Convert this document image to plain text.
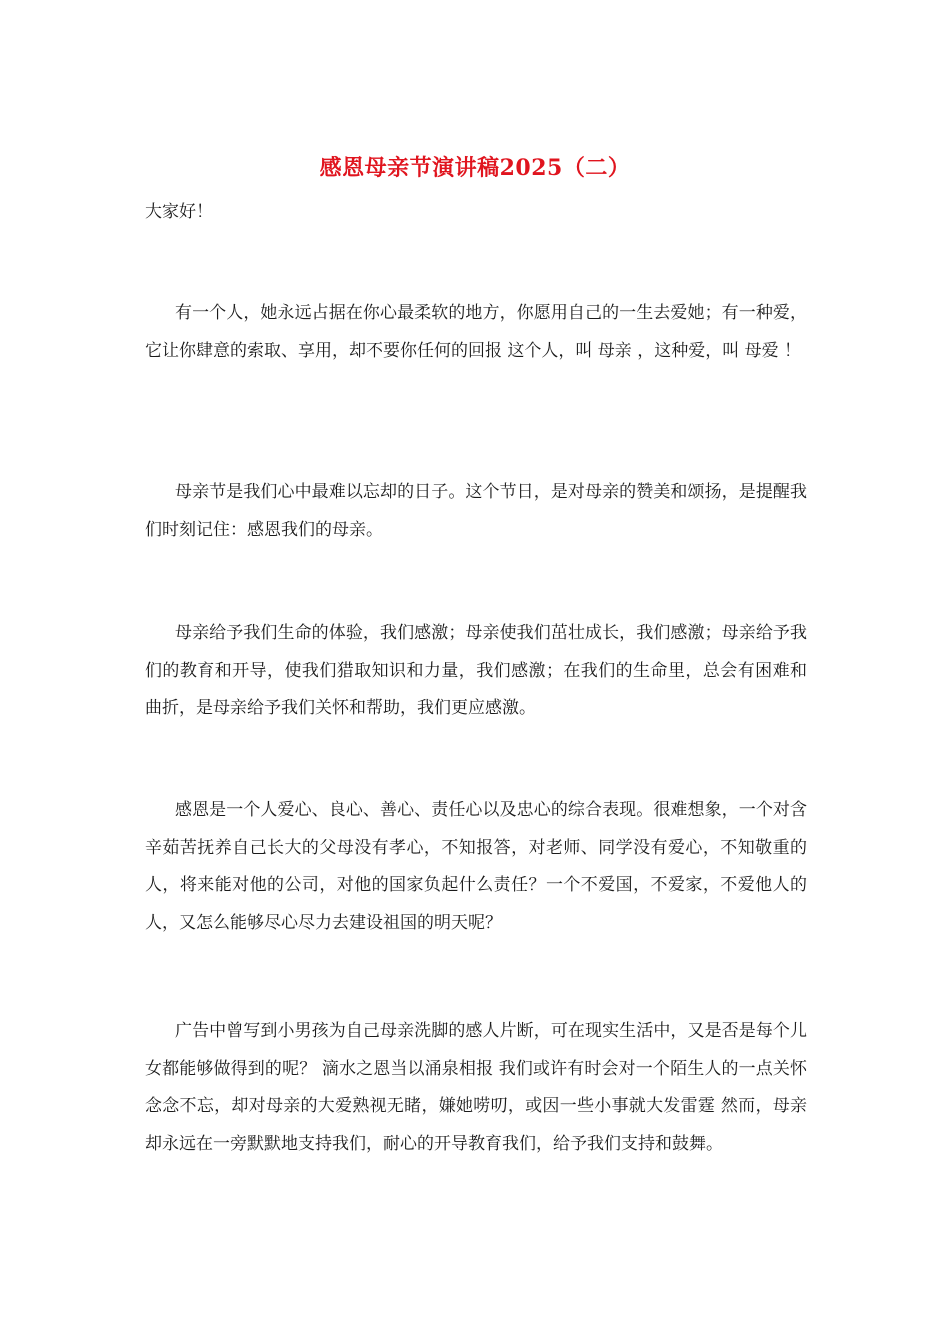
感恩母亲节演讲稿2025（二）
大家好！

有一个人，她永远占据在你心最柔软的地方，你愿用自己的一生去爱她；有一种爱，它让你肆意的索取、享用，却不要你任何的回报 这个人，叫 母亲 ，这种爱，叫 母爱 ！

母亲节是我们心中最难以忘却的日子。这个节日，是对母亲的赞美和颂扬，是提醒我们时刻记住：感恩我们的母亲。

母亲给予我们生命的体验，我们感激；母亲使我们茁壮成长，我们感激；母亲给予我们的教育和开导，使我们猎取知识和力量，我们感激；在我们的生命里，总会有困难和曲折，是母亲给予我们关怀和帮助，我们更应感激。

感恩是一个人爱心、良心、善心、责任心以及忠心的综合表现。很难想象，一个对含辛茹苦抚养自己长大的父母没有孝心，不知报答，对老师、同学没有爱心，不知敬重的人，将来能对他的公司，对他的国家负起什么责任？一个不爱国，不爱家，不爱他人的人，又怎么能够尽心尽力去建设祖国的明天呢？

广告中曾写到小男孩为自己母亲洗脚的感人片断，可在现实生活中，又是否是每个儿女都能够做得到的呢？ 滴水之恩当以涌泉相报 我们或许有时会对一个陌生人的一点关怀念念不忘，却对母亲的大爱熟视无睹，嫌她唠叨，或因一些小事就大发雷霆 然而，母亲却永远在一旁默默地支持我们，耐心的开导教育我们，给予我们支持和鼓舞。
